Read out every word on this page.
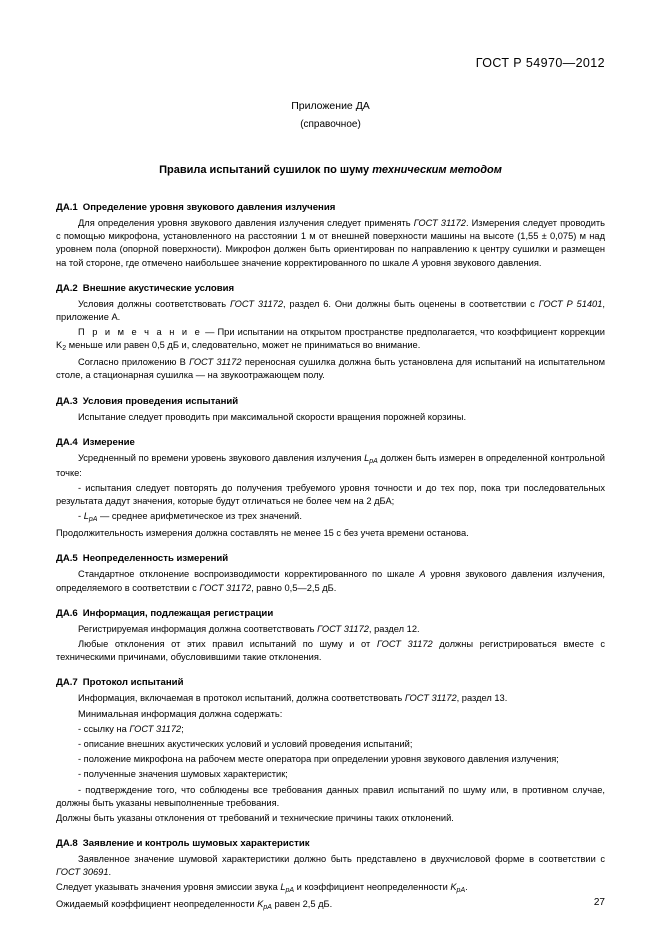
ГОСТ Р 54970—2012
Приложение ДА
(справочное)
Правила испытаний сушилок по шуму техническим методом
ДА.1 Определение уровня звукового давления излучения

Для определения уровня звукового давления излучения следует применять ГОСТ 31172. Измерения следует проводить с помощью микрофона, установленного на расстоянии 1 м от внешней поверхности машины на высоте (1,55 ± 0,075) м над уровнем пола (опорной поверхности). Микрофон должен быть ориентирован по направлению к центру сушилки и размещен на той стороне, где отмечено наибольшее значение корректированного по шкале А уровня звукового давления.

ДА.2 Внешние акустические условия

Условия должны соответствовать ГОСТ 31172, раздел 6. Они должны быть оценены в соответствии с ГОСТ Р 51401, приложение А.

П р и м е ч а н и е — При испытании на открытом пространстве предполагается, что коэффициент коррекции $K_2$ меньше или равен 0,5 дБ и, следовательно, может не приниматься во внимание.

Согласно приложению В ГОСТ 31172 переносная сушилка должна быть установлена для испытаний на испытательном столе, а стационарная сушилка — на звукоотражающем полу.

ДА.3 Условия проведения испытаний

Испытание следует проводить при максимальной скорости вращения порожней корзины.

ДА.4 Измерение

Усредненный по времени уровень звукового давления излучения $L_{pA}$ должен быть измерен в определенной контрольной точке:

- испытания следует повторять до получения требуемого уровня точности и до тех пор, пока три последовательных результата дадут значения, которые будут отличаться не более чем на 2 дБА;

- $L_{pA}$ — среднее арифметическое из трех значений.

Продолжительность измерения должна составлять не менее 15 с без учета времени останова.

ДА.5 Неопределенность измерений

Стандартное отклонение воспроизводимости корректированного по шкале А уровня звукового давления излучения, определяемого в соответствии с ГОСТ 31172, равно 0,5—2,5 дБ.

ДА.6 Информация, подлежащая регистрации

Регистрируемая информация должна соответствовать ГОСТ 31172, раздел 12.

Любые отклонения от этих правил испытаний по шуму и от ГОСТ 31172 должны регистрироваться вместе с техническими причинами, обусловившими такие отклонения.

ДА.7 Протокол испытаний

Информация, включаемая в протокол испытаний, должна соответствовать ГОСТ 31172, раздел 13.

Минимальная информация должна содержать:

- ссылку на ГОСТ 31172;

- описание внешних акустических условий и условий проведения испытаний;

- положение микрофона на рабочем месте оператора при определении уровня звукового давления излучения;

- полученные значения шумовых характеристик;

- подтверждение того, что соблюдены все требования данных правил испытаний по шуму или, в противном случае, должны быть указаны невыполненные требования.

Должны быть указаны отклонения от требований и технические причины таких отклонений.

ДА.8 Заявление и контроль шумовых характеристик

Заявленное значение шумовой характеристики должно быть представлено в двухчисловой форме в соответствии с ГОСТ 30691.

Следует указывать значения уровня эмиссии звука $L_{pA}$ и коэффициент неопределенности $K_{pA}$.

Ожидаемый коэффициент неопределенности $K_{pA}$ равен 2,5 дБ.	27
